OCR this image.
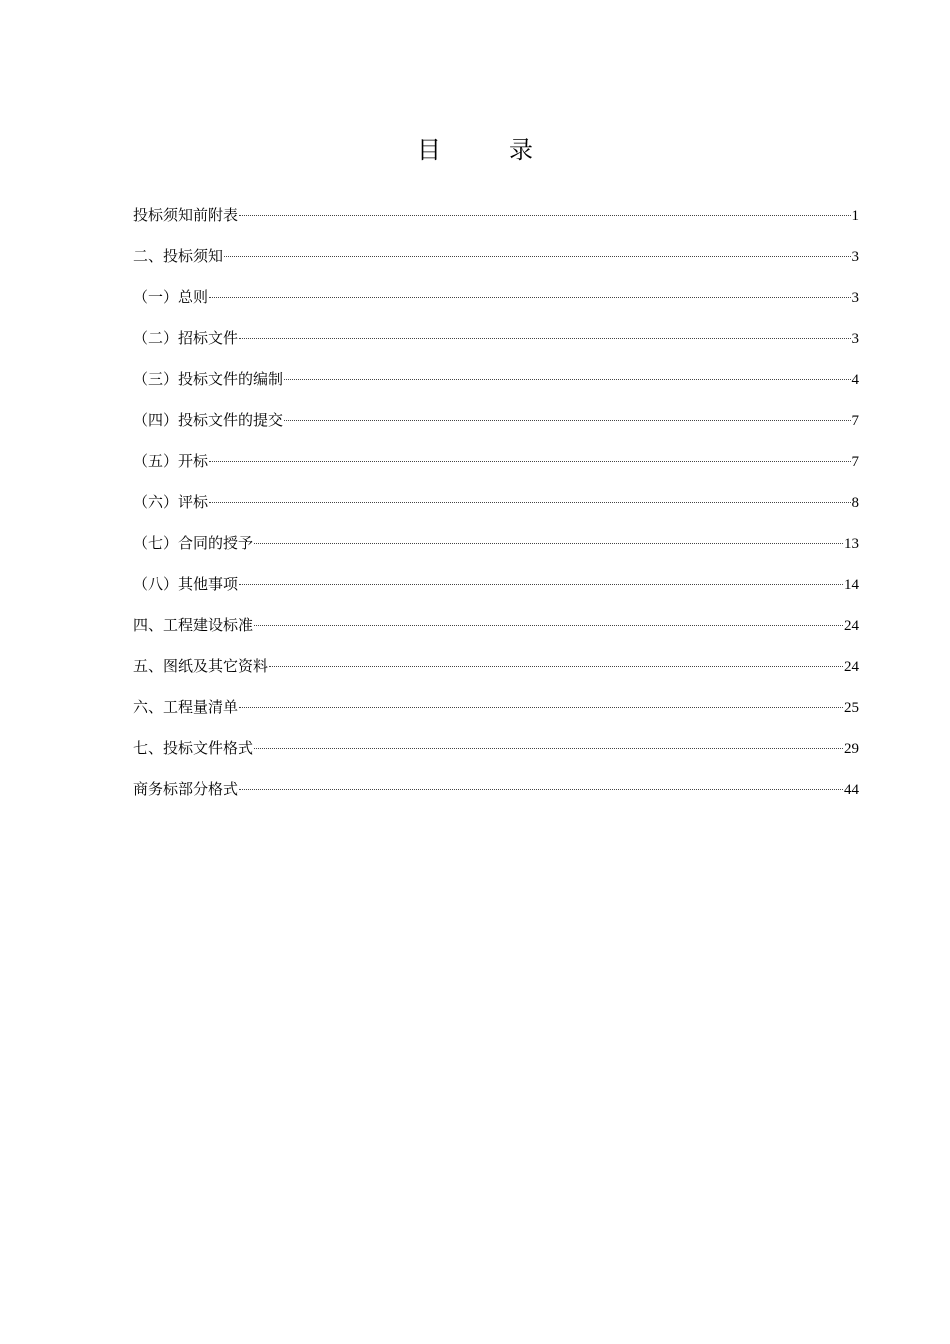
目　录
投标须知前附表	1
二、投标须知	3
（一）总则	3
（二）招标文件	3
（三）投标文件的编制	4
（四）投标文件的提交	7
（五）开标	7
（六）评标	8
（七）合同的授予	13
（八）其他事项	14
四、工程建设标准	24
五、图纸及其它资料	24
六、工程量清单	25
七、投标文件格式	29
商务标部分格式	44
